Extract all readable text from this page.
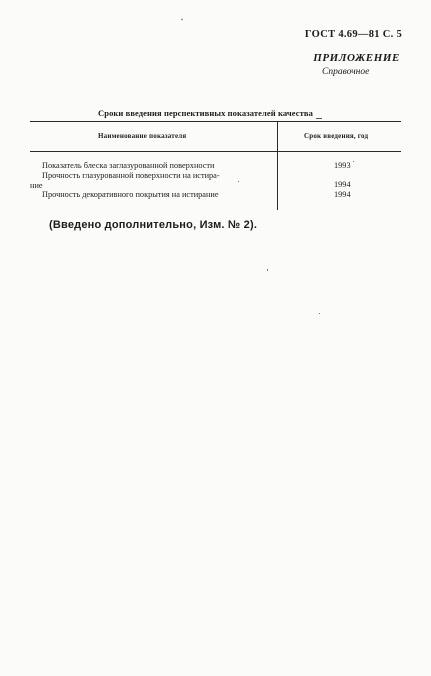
ГОСТ 4.69—81 С. 5
ПРИЛОЖЕНИЕ
Справочное
Сроки введения перспективных показателей качества
Наименование показателя	Срок введения, год
Показатель блеска заглазурованной поверхности	1993
Прочность глазурованной поверхности на истира-
ние	1994
Прочность декоративного покрытия на истирание	1994
(Введено дополнительно, Изм. № 2).
